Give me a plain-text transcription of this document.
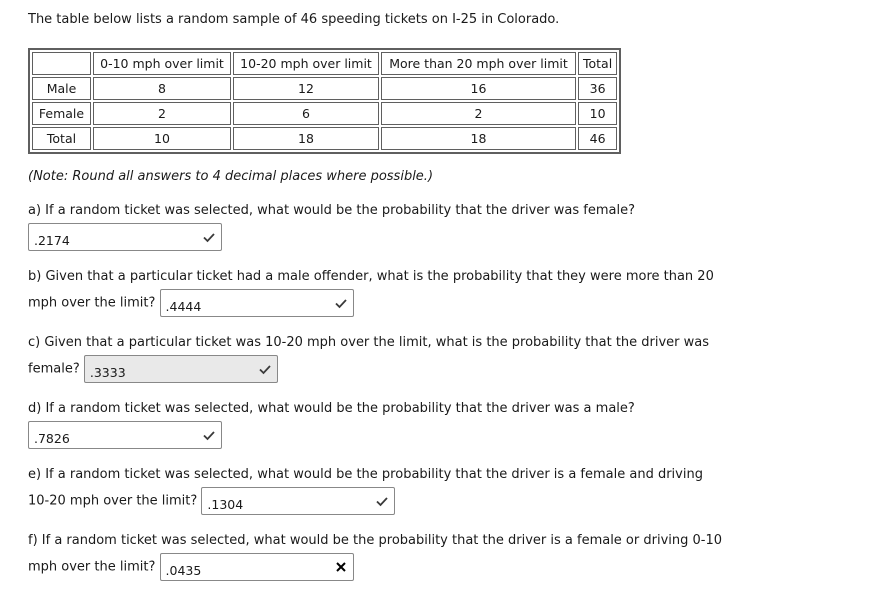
The table below lists a random sample of 46 speeding tickets on I-25 in Colorado.
	0-10 mph over limit	10-20 mph over limit	More than 20 mph over limit	Total
Male	8	12	16	36
Female	2	6	2	10
Total	10	18	18	46
(Note: Round all answers to 4 decimal places where possible.)
a) If a random ticket was selected, what would be the probability that the driver was female?
.2174
b) Given that a particular ticket had a male offender, what is the probability that they were more than 20
mph over the limit? .4444
c) Given that a particular ticket was 10-20 mph over the limit, what is the probability that the driver was
female? .3333
d) If a random ticket was selected, what would be the probability that the driver was a male?
.7826
e) If a random ticket was selected, what would be the probability that the driver is a female and driving
10-20 mph over the limit? .1304
f) If a random ticket was selected, what would be the probability that the driver is a female or driving 0-10
mph over the limit? .0435
